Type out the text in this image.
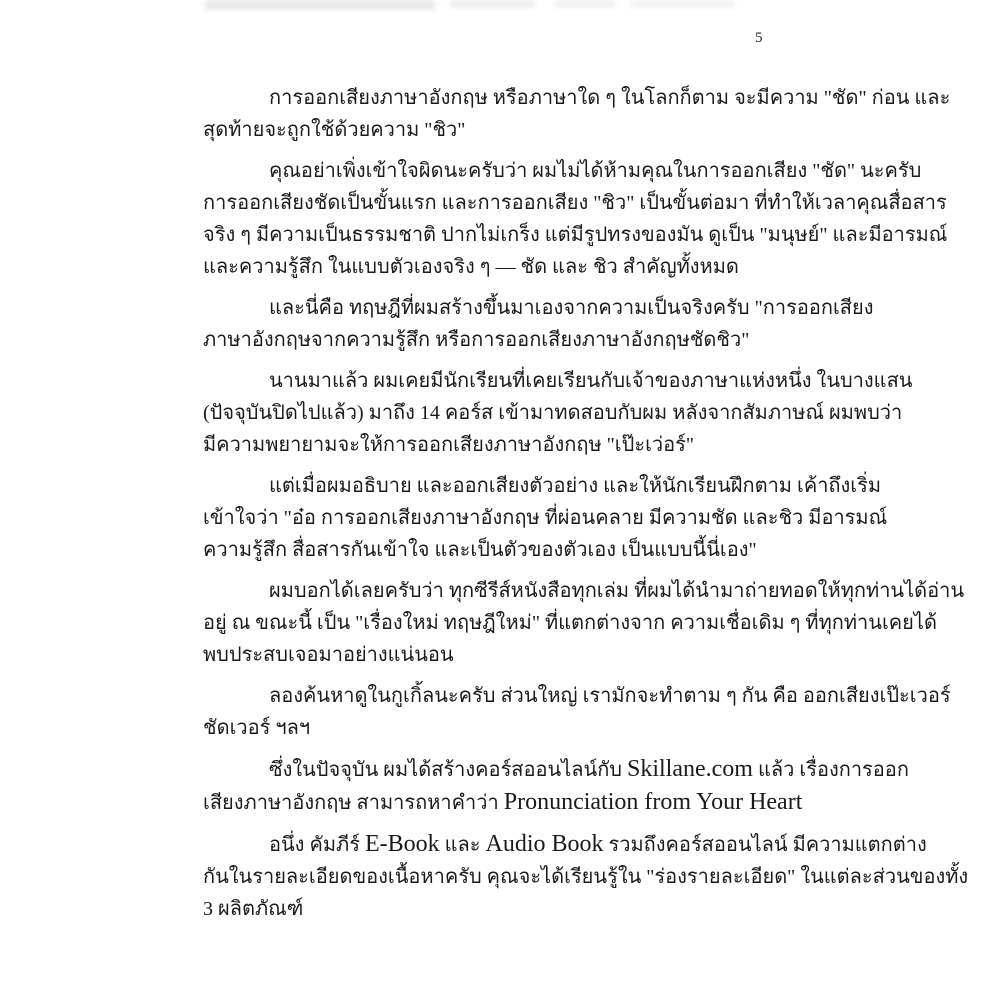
5
การออกเสียงภาษาอังกฤษ หรือภาษาใด ๆ ในโลกก็ตาม จะมีความ "ชัด" ก่อน และ
สุดท้ายจะถูกใช้ด้วยความ "ชิว"
คุณอย่าเพิ่งเข้าใจผิดนะครับว่า ผมไม่ได้ห้ามคุณในการออกเสียง "ชัด" นะครับ
การออกเสียงชัดเป็นขั้นแรก และการออกเสียง "ชิว" เป็นขั้นต่อมา ที่ทำให้เวลาคุณสื่อสาร
จริง ๆ มีความเป็นธรรมชาติ ปากไม่เกร็ง แต่มีรูปทรงของมัน ดูเป็น "มนุษย์" และมีอารมณ์
และความรู้สึก ในแบบตัวเองจริง ๆ — ชัด และ ชิว สำคัญทั้งหมด
และนี่คือ ทฤษฎีที่ผมสร้างขึ้นมาเองจากความเป็นจริงครับ "การออกเสียง
ภาษาอังกฤษจากความรู้สึก หรือการออกเสียงภาษาอังกฤษชัดชิว"
นานมาแล้ว ผมเคยมีนักเรียนที่เคยเรียนกับเจ้าของภาษาแห่งหนึ่ง ในบางแสน
(ปัจจุบันปิดไปแล้ว) มาถึง 14 คอร์ส เข้ามาทดสอบกับผม หลังจากสัมภาษณ์ ผมพบว่า
มีความพยายามจะให้การออกเสียงภาษาอังกฤษ "เป๊ะเว่อร์"
แต่เมื่อผมอธิบาย และออกเสียงตัวอย่าง และให้นักเรียนฝึกตาม เค้าถึงเริ่ม
เข้าใจว่า "อ๋อ การออกเสียงภาษาอังกฤษ ที่ผ่อนคลาย มีความชัด และชิว มีอารมณ์
ความรู้สึก สื่อสารกันเข้าใจ และเป็นตัวของตัวเอง เป็นแบบนี้นี่เอง"
ผมบอกได้เลยครับว่า ทุกซีรีส์หนังสือทุกเล่ม ที่ผมได้นำมาถ่ายทอดให้ทุกท่านได้อ่าน
อยู่ ณ ขณะนี้ เป็น "เรื่องใหม่ ทฤษฎีใหม่" ที่แตกต่างจาก ความเชื่อเดิม ๆ ที่ทุกท่านเคยได้
พบประสบเจอมาอย่างแน่นอน
ลองค้นหาดูในกูเกิ้ลนะครับ ส่วนใหญ่ เรามักจะทำตาม ๆ กัน คือ ออกเสียงเป๊ะเวอร์
ชัดเวอร์ ฯลฯ
ซึ่งในปัจจุบัน ผมได้สร้างคอร์สออนไลน์กับ Skillane.com แล้ว เรื่องการออก
เสียงภาษาอังกฤษ สามารถหาคำว่า Pronunciation from Your Heart
อนึ่ง คัมภีร์ E-Book และ Audio Book รวมถึงคอร์สออนไลน์ มีความแตกต่าง
กันในรายละเอียดของเนื้อหาครับ คุณจะได้เรียนรู้ใน "ร่องรายละเอียด" ในแต่ละส่วนของทั้ง
3 ผลิตภัณฑ์
